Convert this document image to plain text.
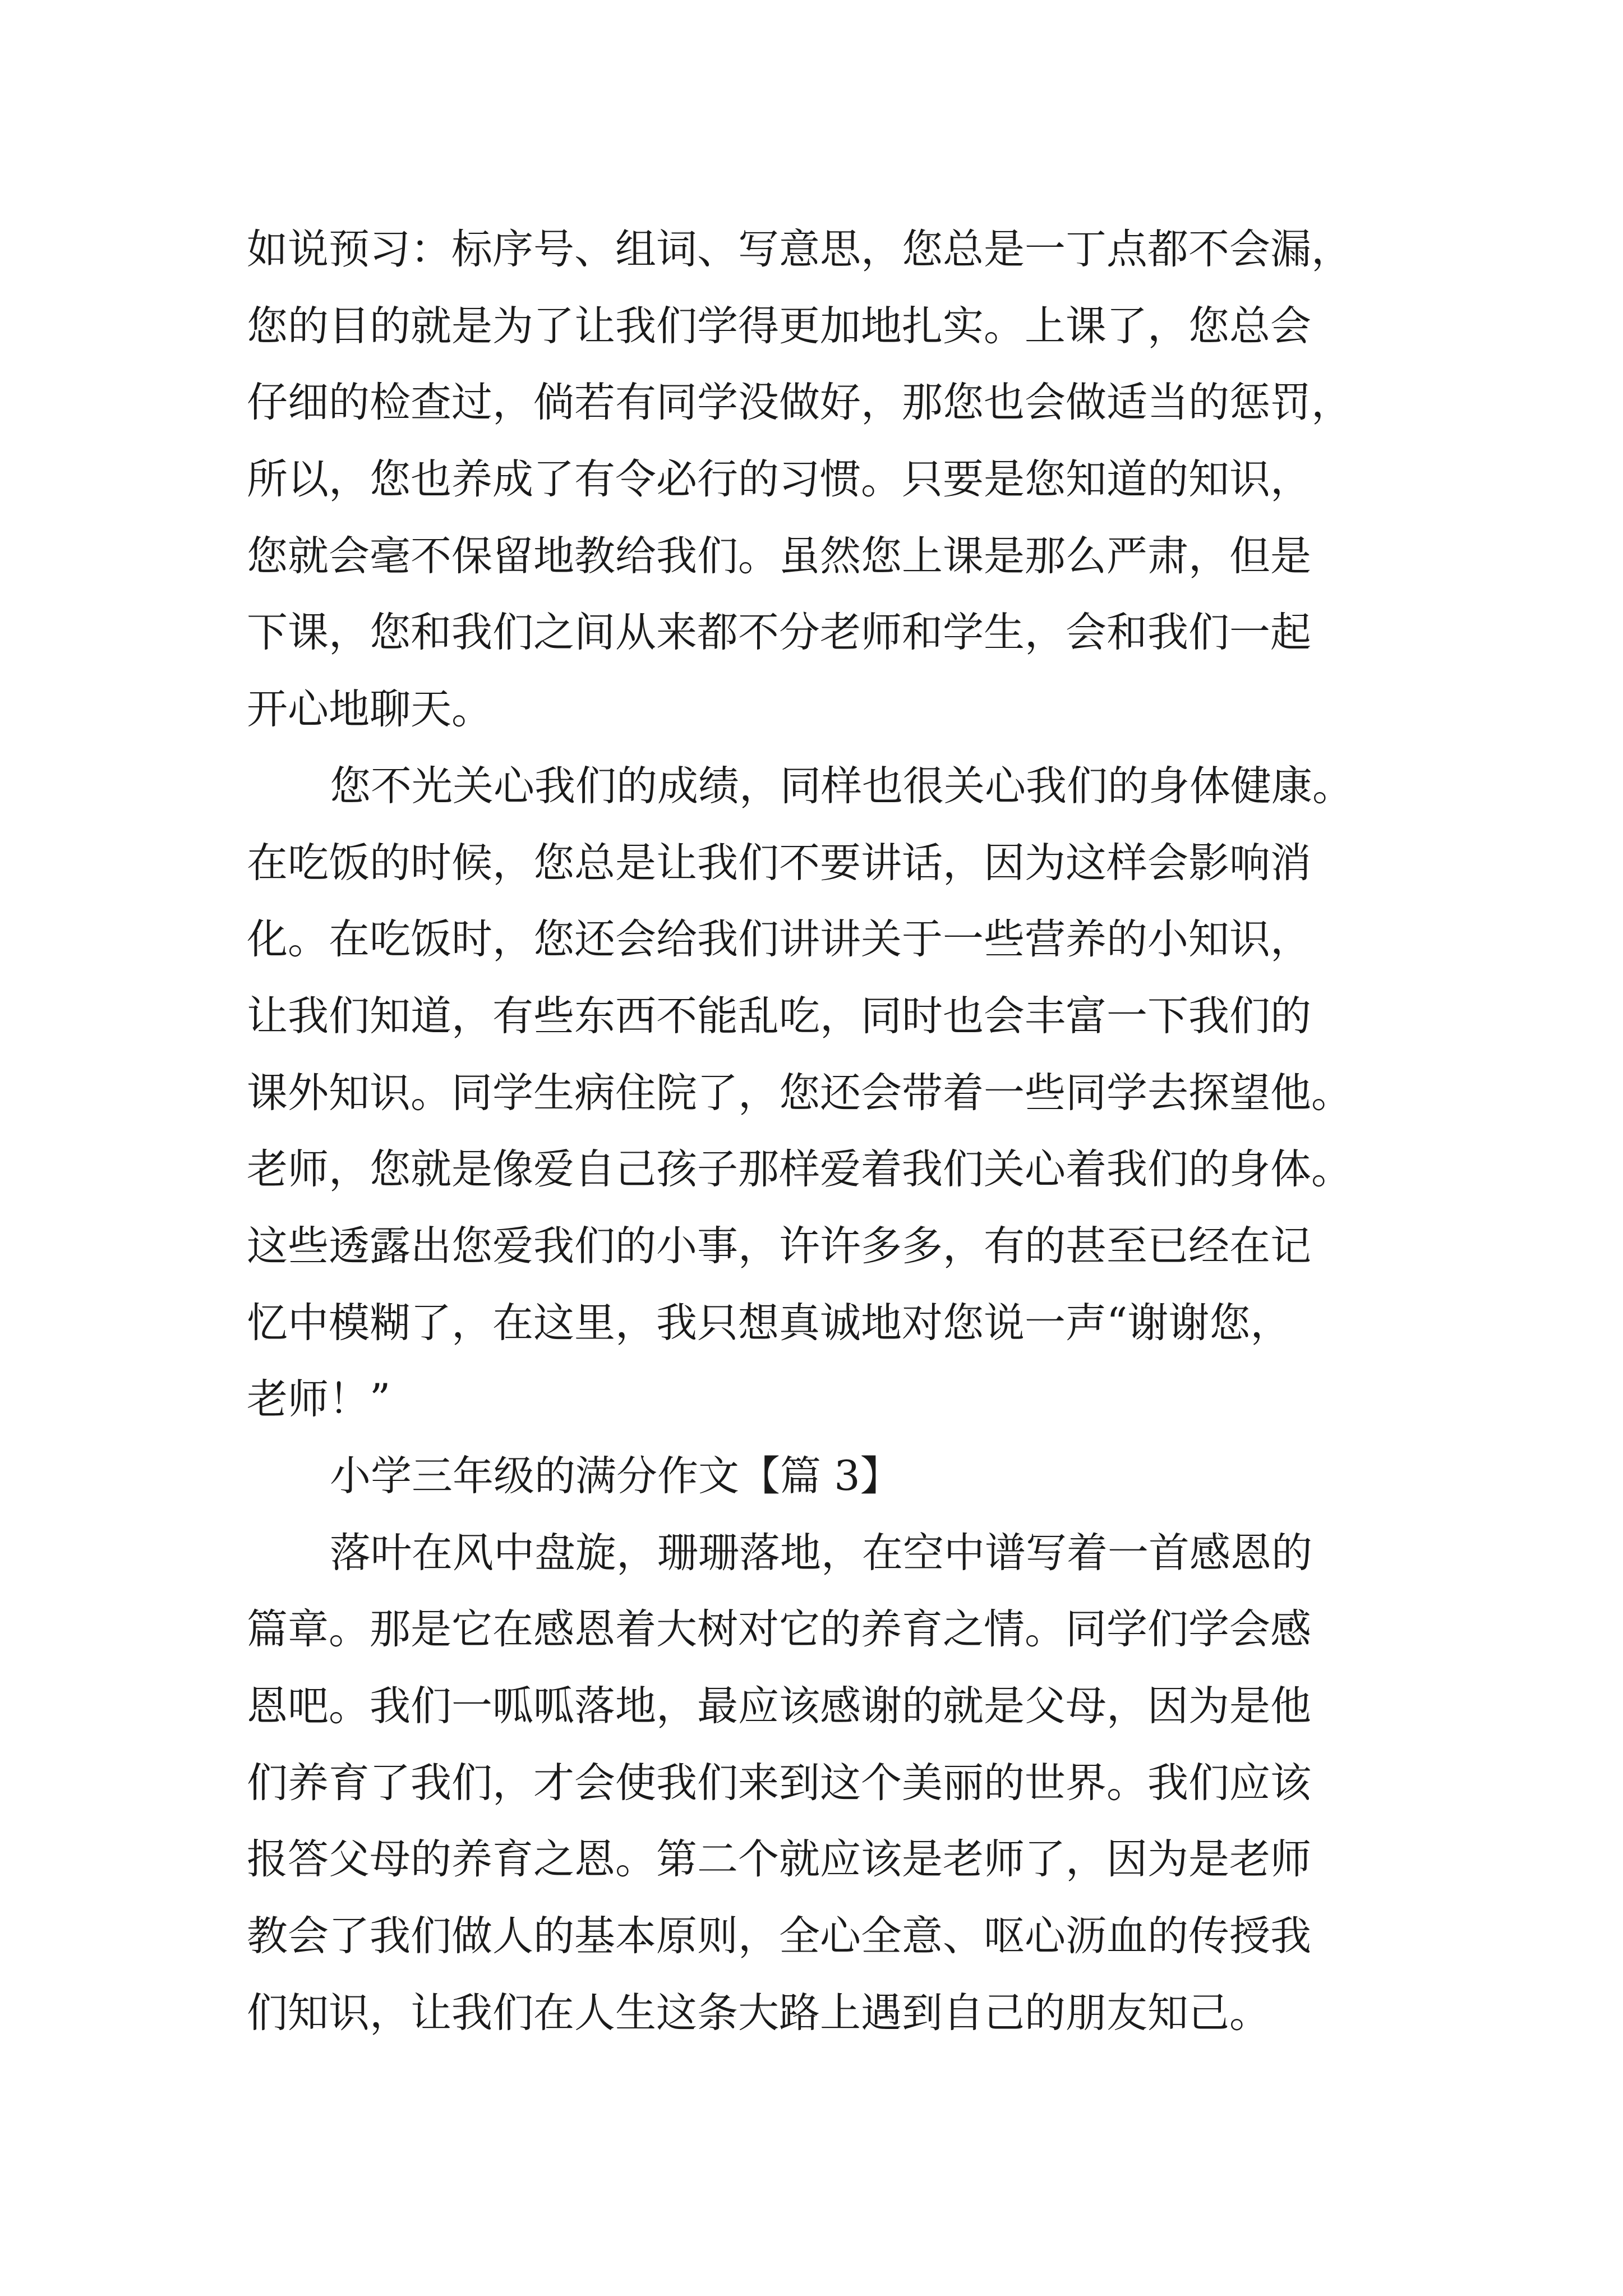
如说预习：标序号、组词、写意思，您总是一丁点都不会漏，
您的目的就是为了让我们学得更加地扎实。上课了，您总会
仔细的检查过，倘若有同学没做好，那您也会做适当的惩罚，
所以，您也养成了有令必行的习惯。只要是您知道的知识，
您就会毫不保留地教给我们。虽然您上课是那么严肃，但是
下课，您和我们之间从来都不分老师和学生，会和我们一起
开心地聊天。
您不光关心我们的成绩，同样也很关心我们的身体健康。
在吃饭的时候，您总是让我们不要讲话，因为这样会影响消
化。在吃饭时，您还会给我们讲讲关于一些营养的小知识，
让我们知道，有些东西不能乱吃，同时也会丰富一下我们的
课外知识。同学生病住院了，您还会带着一些同学去探望他。
老师，您就是像爱自己孩子那样爱着我们关心着我们的身体。
这些透露出您爱我们的小事，许许多多，有的甚至已经在记
忆中模糊了，在这里，我只想真诚地对您说一声“谢谢您，
老师！”
小学三年级的满分作文【篇 3】
落叶在风中盘旋，珊珊落地，在空中谱写着一首感恩的
篇章。那是它在感恩着大树对它的养育之情。同学们学会感
恩吧。我们一呱呱落地，最应该感谢的就是父母，因为是他
们养育了我们，才会使我们来到这个美丽的世界。我们应该
报答父母的养育之恩。第二个就应该是老师了，因为是老师
教会了我们做人的基本原则，全心全意、呕心沥血的传授我
们知识，让我们在人生这条大路上遇到自己的朋友知己。
